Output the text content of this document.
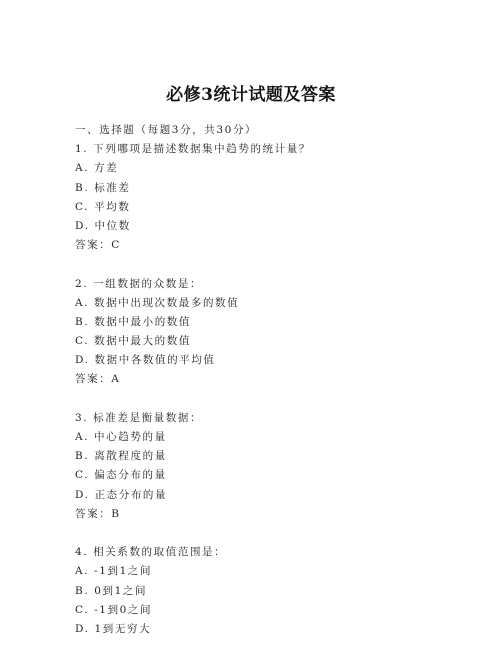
必修3统计试题及答案
一、选择题（每题3分，共30分）
1. 下列哪项是描述数据集中趋势的统计量？
A. 方差
B. 标准差
C. 平均数
D. 中位数
答案：C
2. 一组数据的众数是：
A. 数据中出现次数最多的数值
B. 数据中最小的数值
C. 数据中最大的数值
D. 数据中各数值的平均值
答案：A
3. 标准差是衡量数据：
A. 中心趋势的量
B. 离散程度的量
C. 偏态分布的量
D. 正态分布的量
答案：B
4. 相关系数的取值范围是：
A. -1到1之间
B. 0到1之间
C. -1到0之间
D. 1到无穷大
